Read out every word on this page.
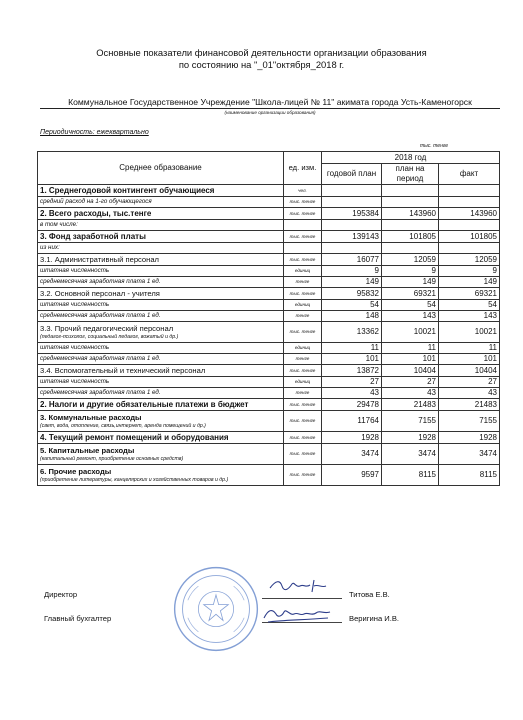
Основные показатели финансовой деятельности организации образования
по состоянию на "_01"октября_2018 г.
Коммунальное Государственное Учреждение "Школа-лицей № 11" акимата города Усть-Каменогорск
(наименование организации образования)
Периодичность: ежеквартально
тыс. тенге
Среднее образование	ед. изм.	2018 год		
		годовой план	план на период	факт

1. Среднегодовой контингент обучающиеся	чел.			
средний расход на 1-го обучающегося	тыс. тенге			
2. Всего расходы, тыс.тенге	тыс. тенге	195384	143960	143960
в том числе:				
3. Фонд заработной платы	тыс. тенге	139143	101805	101805
из них:				
3.1. Административный персонал	тыс. тенге	16077	12059	12059
штатная численность	единиц	9	9	9
среднемесячная заработная плата 1 ед.	тенге	149	149	149
3.2. Основной персонал - учителя	тыс. тенге	95832	69321	69321
штатная численность	единиц	54	54	54
среднемесячная заработная плата 1 ед.	тенге	148	143	143
3.3. Прочий педагогический персонал
(педагог-психолог, социальный педагог, вожатый и др.)	тыс. тенге	13362	10021	10021
штатная численность	единиц	11	11	11
среднемесячная заработная плата 1 ед.	тенге	101	101	101
3.4. Вспомогательный и технический персонал	тыс. тенге	13872	10404	10404
штатная численность	единиц	27	27	27
среднемесячная заработная плата 1 ед.	тенге	43	43	43
2. Налоги и другие обязательные платежи в бюджет	тыс. тенге	29478	21483	21483
3. Коммунальные расходы
(свет, вода, отопление, связь,интернет, аренда помещений и др.)	тыс. тенге	11764	7155	7155
4. Текущий ремонт помещений и оборудования	тыс. тенге	1928	1928	1928
5. Капитальные расходы
(капитальный ремонт, приобретение основных средств)	тыс. тенге	3474	3474	3474
6. Прочие расходы
(приобретение литературы, канцелярских и хозяйственных товаров и др.)	тыс. тенге	9597	8115	8115
Директор	Титова Е.В.
Главный бухгалтер	Веригина И.В.
